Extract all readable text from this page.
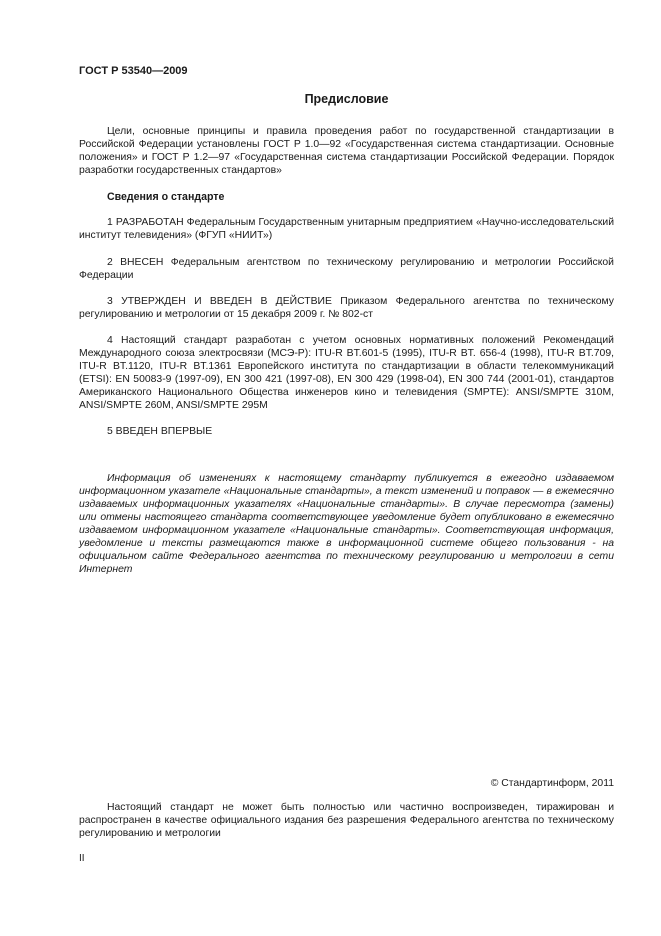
ГОСТ Р 53540—2009
Предисловие

Цели, основные принципы и правила проведения работ по государственной стандартизации в Российской Федерации установлены ГОСТ Р 1.0—92 «Государственная система стандартизации. Основные положения» и ГОСТ Р 1.2—97 «Государственная система стандартизации Российской Федерации. Порядок разработки государственных стандартов»

Сведения о стандарте

1 РАЗРАБОТАН Федеральным Государственным унитарным предприятием «Научно-исследовательский институт телевидения» (ФГУП «НИИТ»)

2 ВНЕСЕН Федеральным агентством по техническому регулированию и метрологии Российской Федерации

3 УТВЕРЖДЕН И ВВЕДЕН В ДЕЙСТВИЕ Приказом Федерального агентства по техническому регулированию и метрологии от 15 декабря 2009 г. № 802-ст

4 Настоящий стандарт разработан с учетом основных нормативных положений Рекомендаций Международного союза электросвязи (МСЭ-Р): ITU-R BT.601-5 (1995), ITU-R BT. 656-4 (1998), ITU-R BT.709, ITU-R BT.1120, ITU-R BT.1361 Европейского института по стандартизации в области телекоммуникаций (ETSI): EN 50083-9 (1997-09), EN 300 421 (1997-08), EN 300 429 (1998-04), EN 300 744 (2001-01), стандартов Американского Национального Общества инженеров кино и телевидения (SMPTE): ANSI/SMPTE 310M, ANSI/SMPTE 260M, ANSI/SMPTE 295M

5 ВВЕДЕН ВПЕРВЫЕ

Информация об изменениях к настоящему стандарту публикуется в ежегодно издаваемом информационном указателе «Национальные стандарты», а текст изменений и поправок — в ежемесячно издаваемых информационных указателях «Национальные стандарты». В случае пересмотра (замены) или отмены настоящего стандарта соответствующее уведомление будет опубликовано в ежемесячно издаваемом информационном указателе «Национальные стандарты». Соответствующая информация, уведомление и тексты размещаются также в информационной системе общего пользования - на официальном сайте Федерального агентства по техническому регулированию и метрологии в сети Интернет

© Стандартинформ, 2011

Настоящий стандарт не может быть полностью или частично воспроизведен, тиражирован и распространен в качестве официального издания без разрешения Федерального агентства по техническому регулированию и метрологии

II
